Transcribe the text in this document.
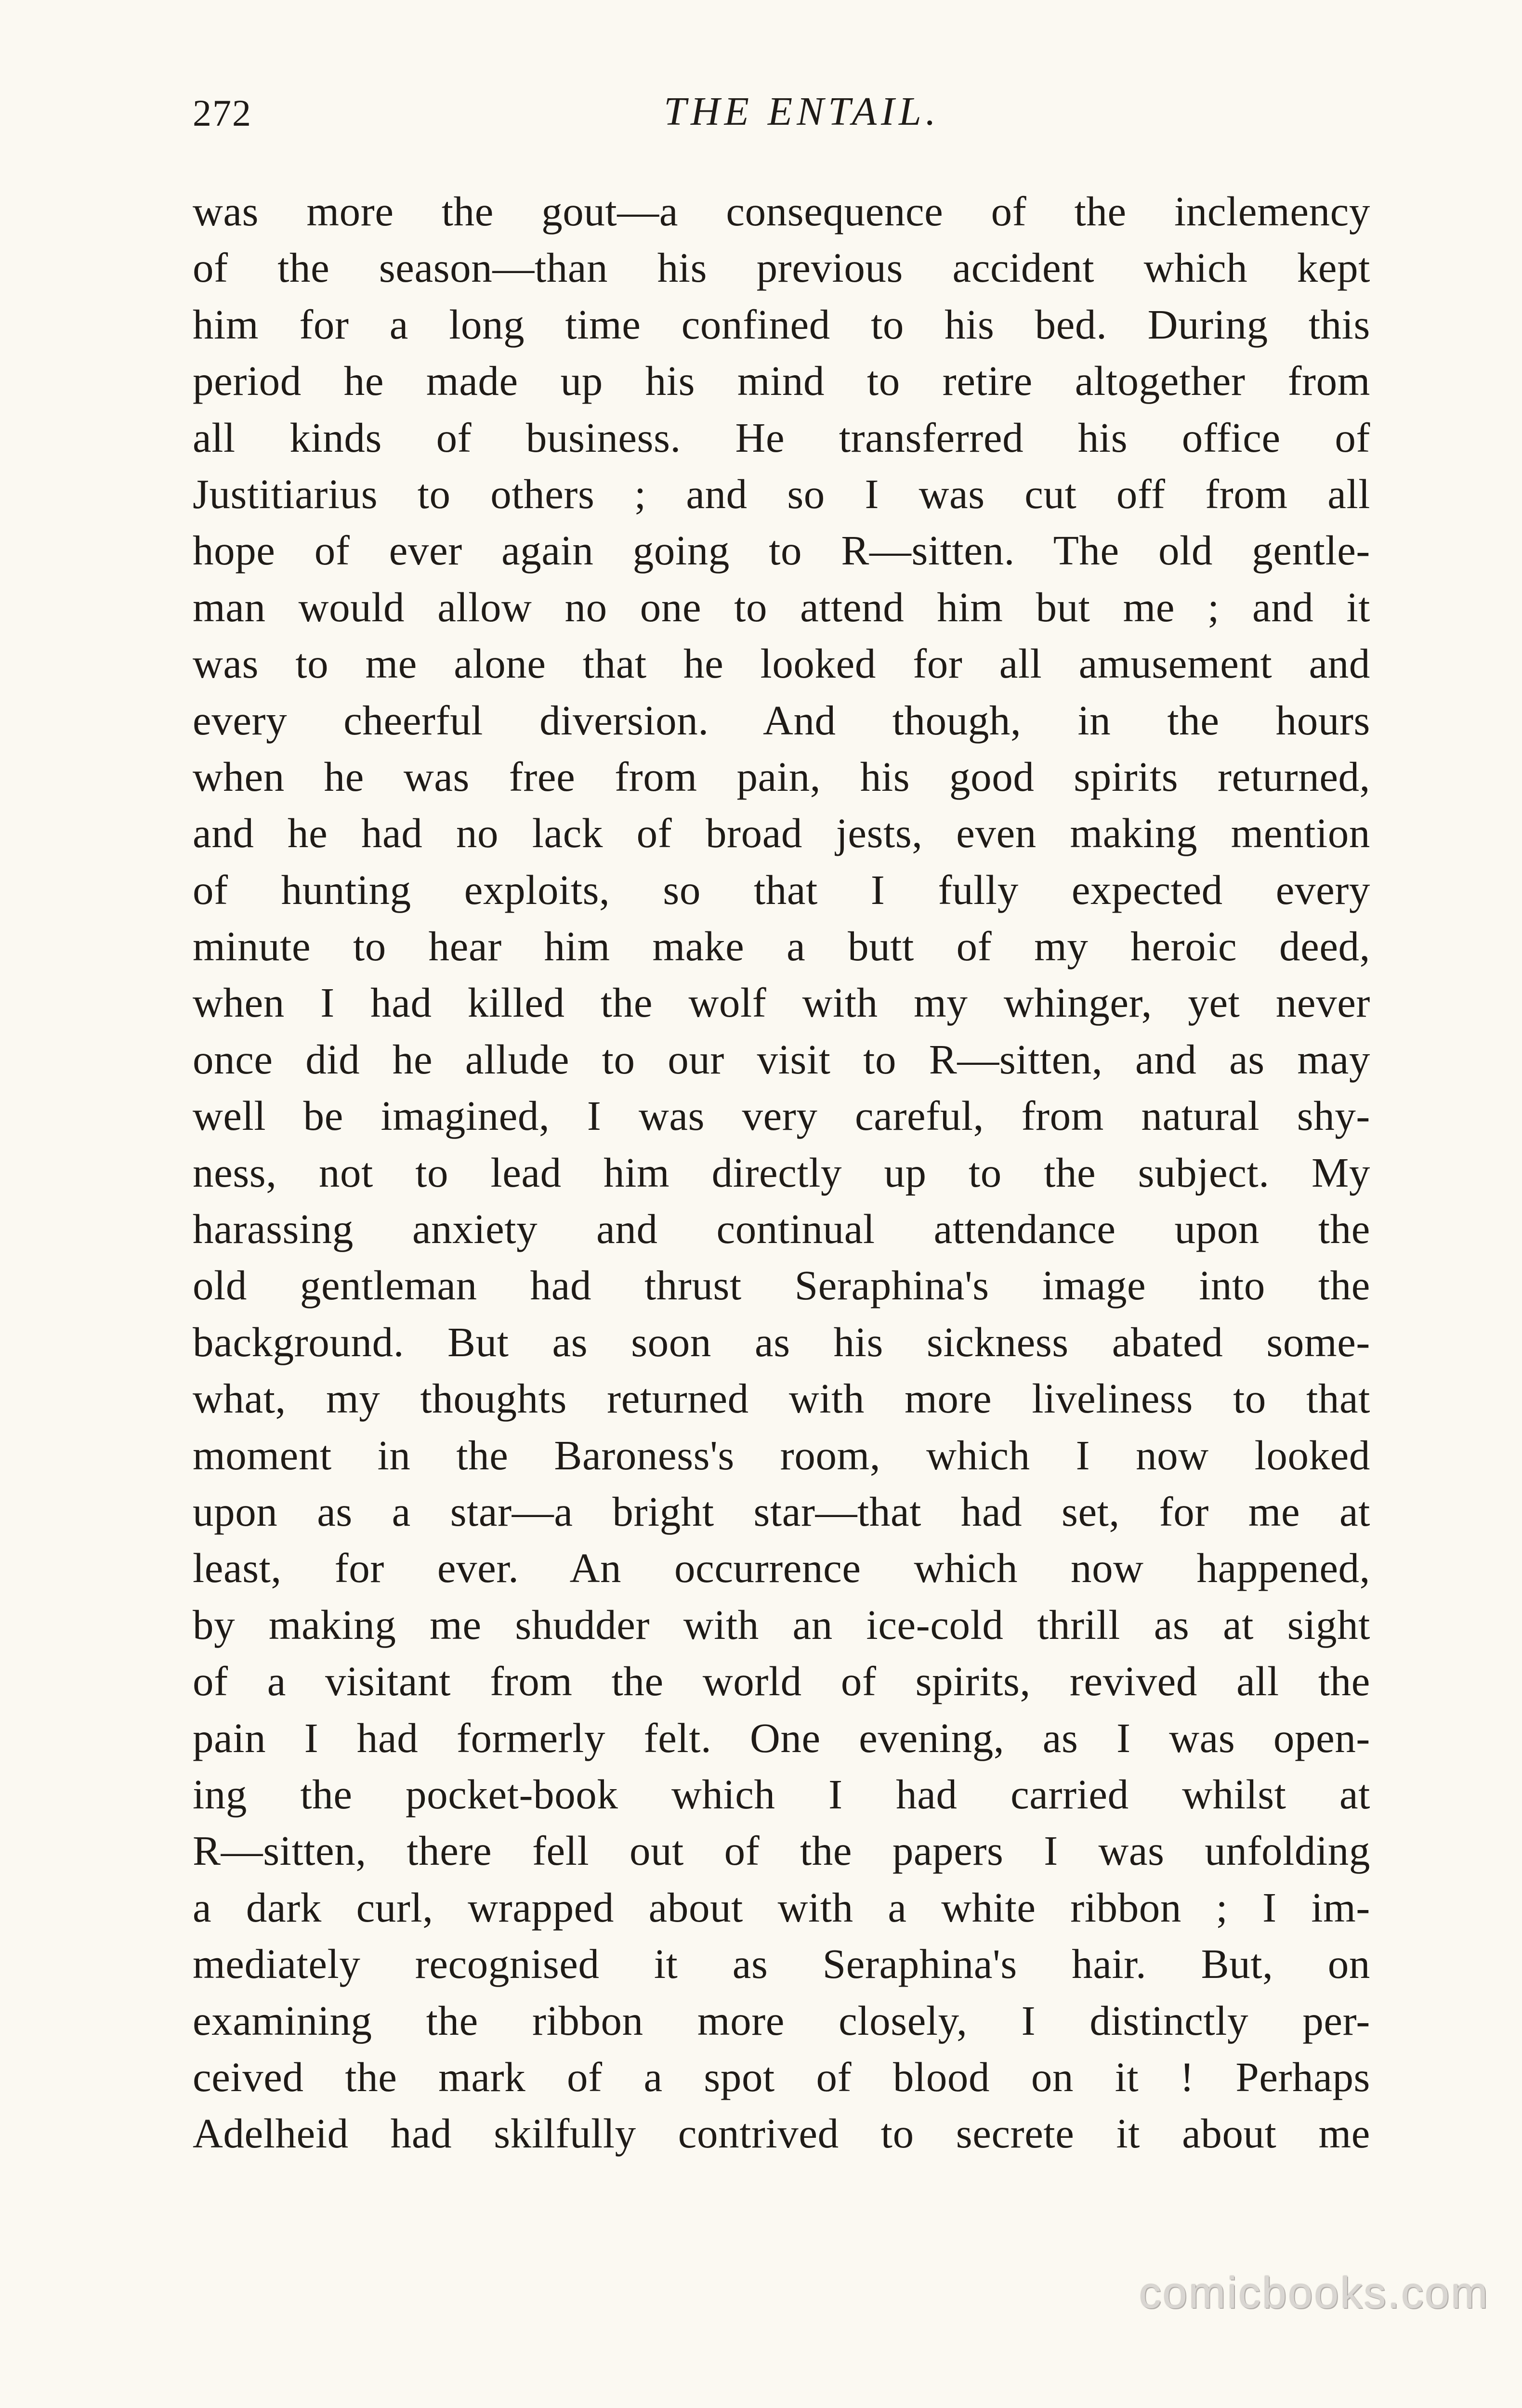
272	THE ENTAIL.
was more the gout—a consequence of the inclemency
of the season—than his previous accident which kept
him for a long time confined to his bed. During this
period he made up his mind to retire altogether from
all kinds of business. He transferred his office of
Justitiarius to others ; and so I was cut off from all
hope of ever again going to R—sitten. The old gentle-
man would allow no one to attend him but me ; and it
was to me alone that he looked for all amusement and
every cheerful diversion. And though, in the hours
when he was free from pain, his good spirits returned,
and he had no lack of broad jests, even making mention
of hunting exploits, so that I fully expected every
minute to hear him make a butt of my heroic deed,
when I had killed the wolf with my whinger, yet never
once did he allude to our visit to R—sitten, and as may
well be imagined, I was very careful, from natural shy-
ness, not to lead him directly up to the subject. My
harassing anxiety and continual attendance upon the
old gentleman had thrust Seraphina's image into the
background. But as soon as his sickness abated some-
what, my thoughts returned with more liveliness to that
moment in the Baroness's room, which I now looked
upon as a star—a bright star—that had set, for me at
least, for ever. An occurrence which now happened,
by making me shudder with an ice-cold thrill as at sight
of a visitant from the world of spirits, revived all the
pain I had formerly felt. One evening, as I was open-
ing the pocket-book which I had carried whilst at
R—sitten, there fell out of the papers I was unfolding
a dark curl, wrapped about with a white ribbon ; I im-
mediately recognised it as Seraphina's hair. But, on
examining the ribbon more closely, I distinctly per-
ceived the mark of a spot of blood on it ! Perhaps
Adelheid had skilfully contrived to secrete it about me
comicbooks.com
